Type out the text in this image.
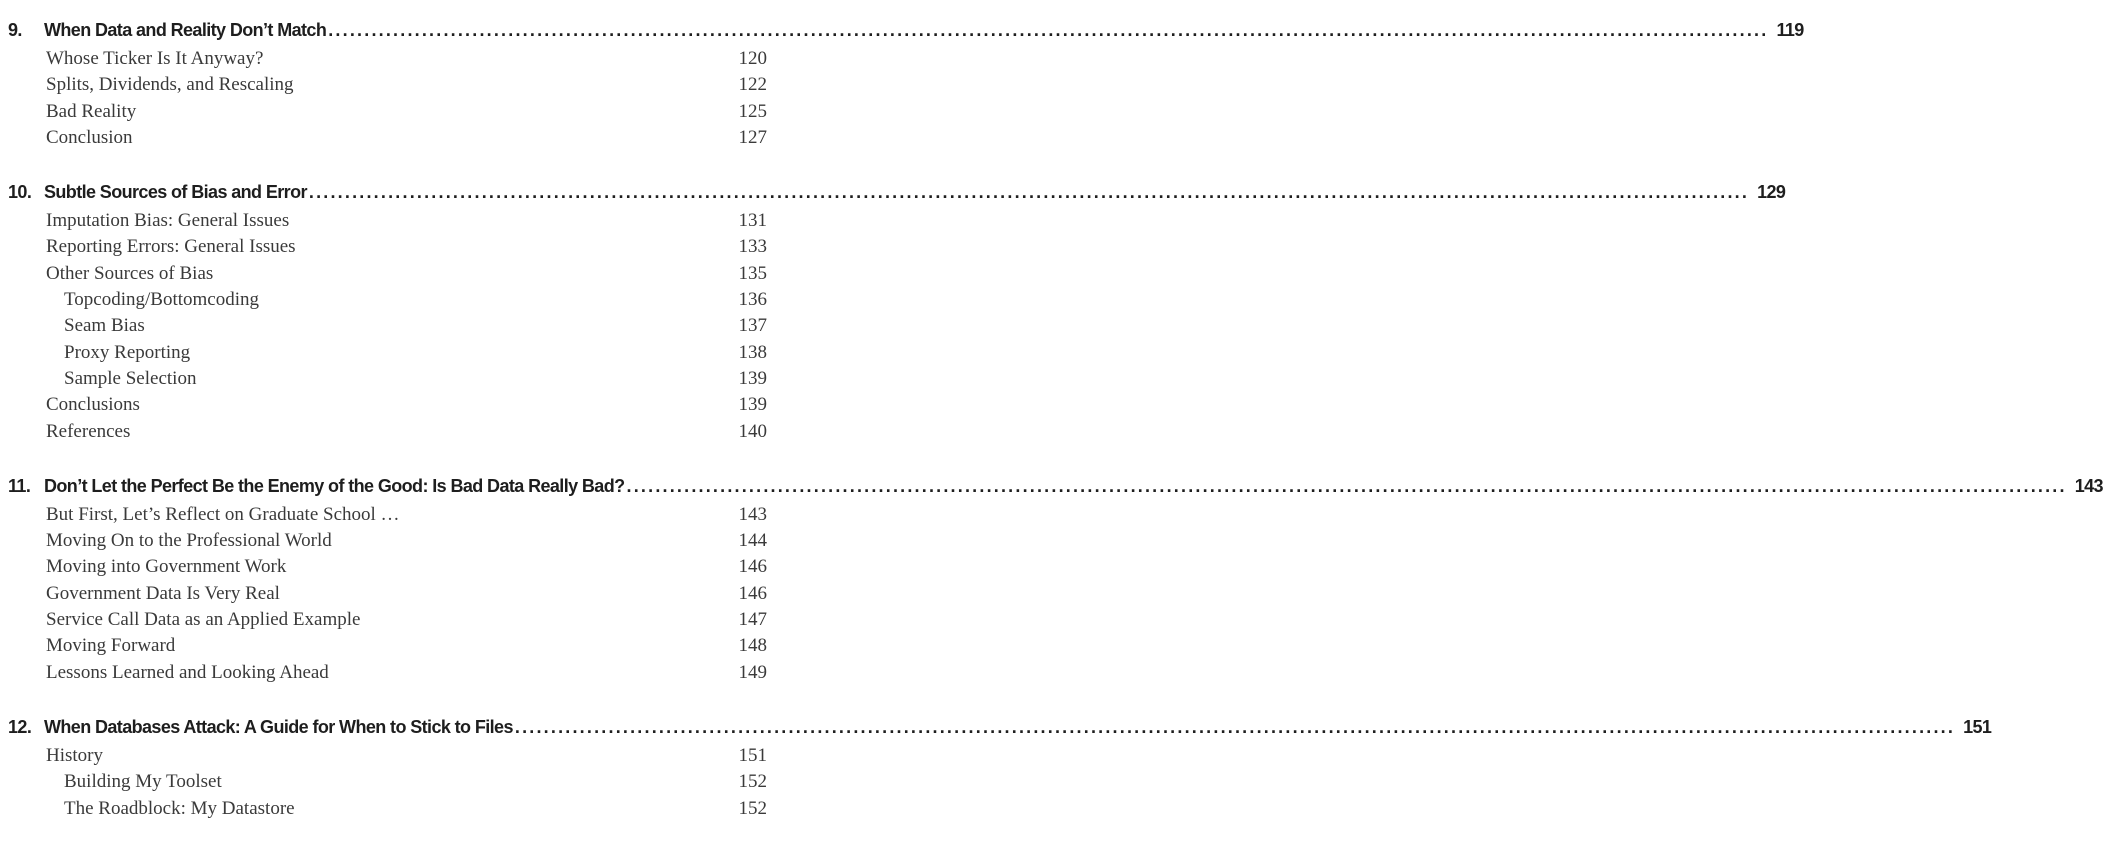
9.	When Data and Reality Don’t Match ........................................................................................................................................................................................................ 119
Whose Ticker Is It Anyway?	120
Splits, Dividends, and Rescaling	122
Bad Reality	125
Conclusion	127
10. Subtle Sources of Bias and Error ........................................................................................................................................................................................................ 129
Imputation Bias: General Issues	131
Reporting Errors: General Issues	133
Other Sources of Bias	135
Topcoding/Bottomcoding	136
Seam Bias	137
Proxy Reporting	138
Sample Selection	139
Conclusions	139
References	140
11. Don’t Let the Perfect Be the Enemy of the Good: Is Bad Data Really Bad? ........................................................................................................................................................................................................ 143
But First, Let’s Reflect on Graduate School …	143
Moving On to the Professional World	144
Moving into Government Work	146
Government Data Is Very Real	146
Service Call Data as an Applied Example	147
Moving Forward	148
Lessons Learned and Looking Ahead	149
12. When Databases Attack: A Guide for When to Stick to Files ........................................................................................................................................................................................................ 151
History	151
Building My Toolset	152
The Roadblock: My Datastore	152
